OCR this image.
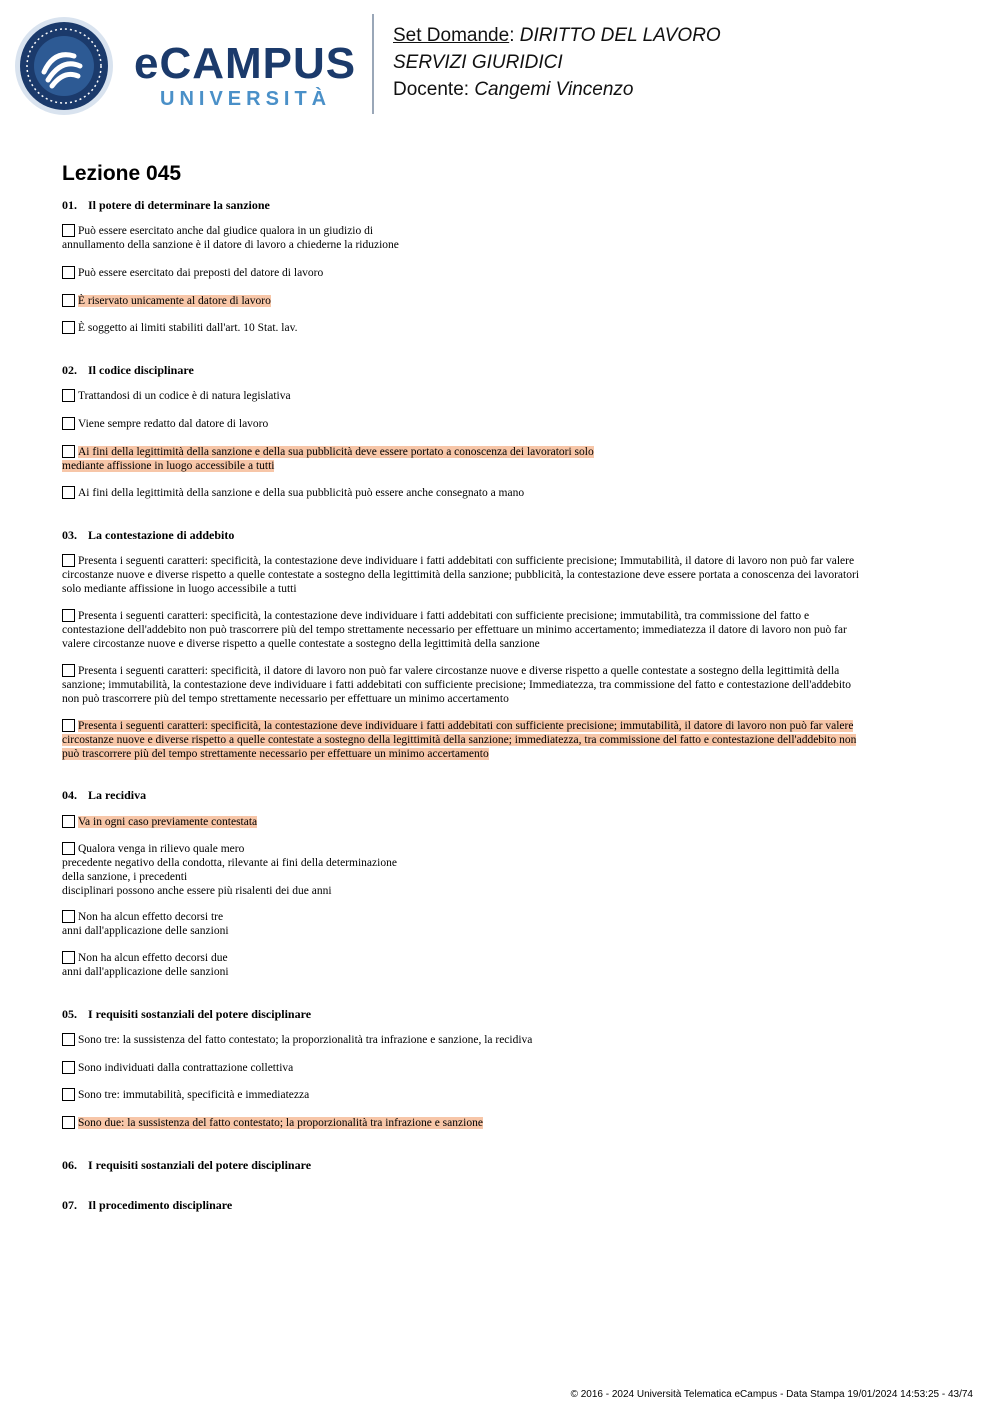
eCAMPUS
UNIVERSITÀ
Set Domande: DIRITTO DEL LAVORO
SERVIZI GIURIDICI
Docente: Cangemi Vincenzo
Lezione 045
01. Il potere di determinare la sanzione
Può essere esercitato anche dal giudice qualora in un giudizio di
annullamento della sanzione è il datore di lavoro a chiederne la riduzione
Può essere esercitato dai preposti del datore di lavoro
È riservato unicamente al datore di lavoro
È soggetto ai limiti stabiliti dall'art. 10 Stat. lav.
02. Il codice disciplinare
Trattandosi di un codice è di natura legislativa
Viene sempre redatto dal datore di lavoro
Ai fini della legittimità della sanzione e della sua pubblicità deve essere portato a conoscenza dei lavoratori solo
mediante affissione in luogo accessibile a tutti
Ai fini della legittimità della sanzione e della sua pubblicità può essere anche consegnato a mano
03. La contestazione di addebito
Presenta i seguenti caratteri: specificità, la contestazione deve individuare i fatti addebitati con sufficiente precisione; Immutabilità, il datore di lavoro non può far valere
circostanze nuove e diverse rispetto a quelle contestate a sostegno della legittimità della sanzione; pubblicità, la contestazione deve essere portata a conoscenza dei lavoratori
solo mediante affissione in luogo accessibile a tutti
Presenta i seguenti caratteri: specificità, la contestazione deve individuare i fatti addebitati con sufficiente precisione; immutabilità, tra commissione del fatto e
contestazione dell'addebito non può trascorrere più del tempo strettamente necessario per effettuare un minimo accertamento; immediatezza il datore di lavoro non può far
valere circostanze nuove e diverse rispetto a quelle contestate a sostegno della legittimità della sanzione
Presenta i seguenti caratteri: specificità, il datore di lavoro non può far valere circostanze nuove e diverse rispetto a quelle contestate a sostegno della legittimità della
sanzione; immutabilità, la contestazione deve individuare i fatti addebitati con sufficiente precisione; Immediatezza, tra commissione del fatto e contestazione dell'addebito
non può trascorrere più del tempo strettamente necessario per effettuare un minimo accertamento
Presenta i seguenti caratteri: specificità, la contestazione deve individuare i fatti addebitati con sufficiente precisione; immutabilità, il datore di lavoro non può far valere
circostanze nuove e diverse rispetto a quelle contestate a sostegno della legittimità della sanzione; immediatezza, tra commissione del fatto e contestazione dell'addebito non
può trascorrere più del tempo strettamente necessario per effettuare un minimo accertamento
04. La recidiva
Va in ogni caso previamente contestata
Qualora venga in rilievo quale mero
precedente negativo della condotta, rilevante ai fini della determinazione
della sanzione, i precedenti
disciplinari possono anche essere più risalenti dei due anni
Non ha alcun effetto decorsi tre
anni dall'applicazione delle sanzioni
Non ha alcun effetto decorsi due
anni dall'applicazione delle sanzioni
05. I requisiti sostanziali del potere disciplinare
Sono tre: la sussistenza del fatto contestato; la proporzionalità tra infrazione e sanzione, la recidiva
Sono individuati dalla contrattazione collettiva
Sono tre: immutabilità, specificità e immediatezza
Sono due: la sussistenza del fatto contestato; la proporzionalità tra infrazione e sanzione
06. I requisiti sostanziali del potere disciplinare
07. Il procedimento disciplinare
© 2016 - 2024 Università Telematica eCampus - Data Stampa 19/01/2024 14:53:25 - 43/74
